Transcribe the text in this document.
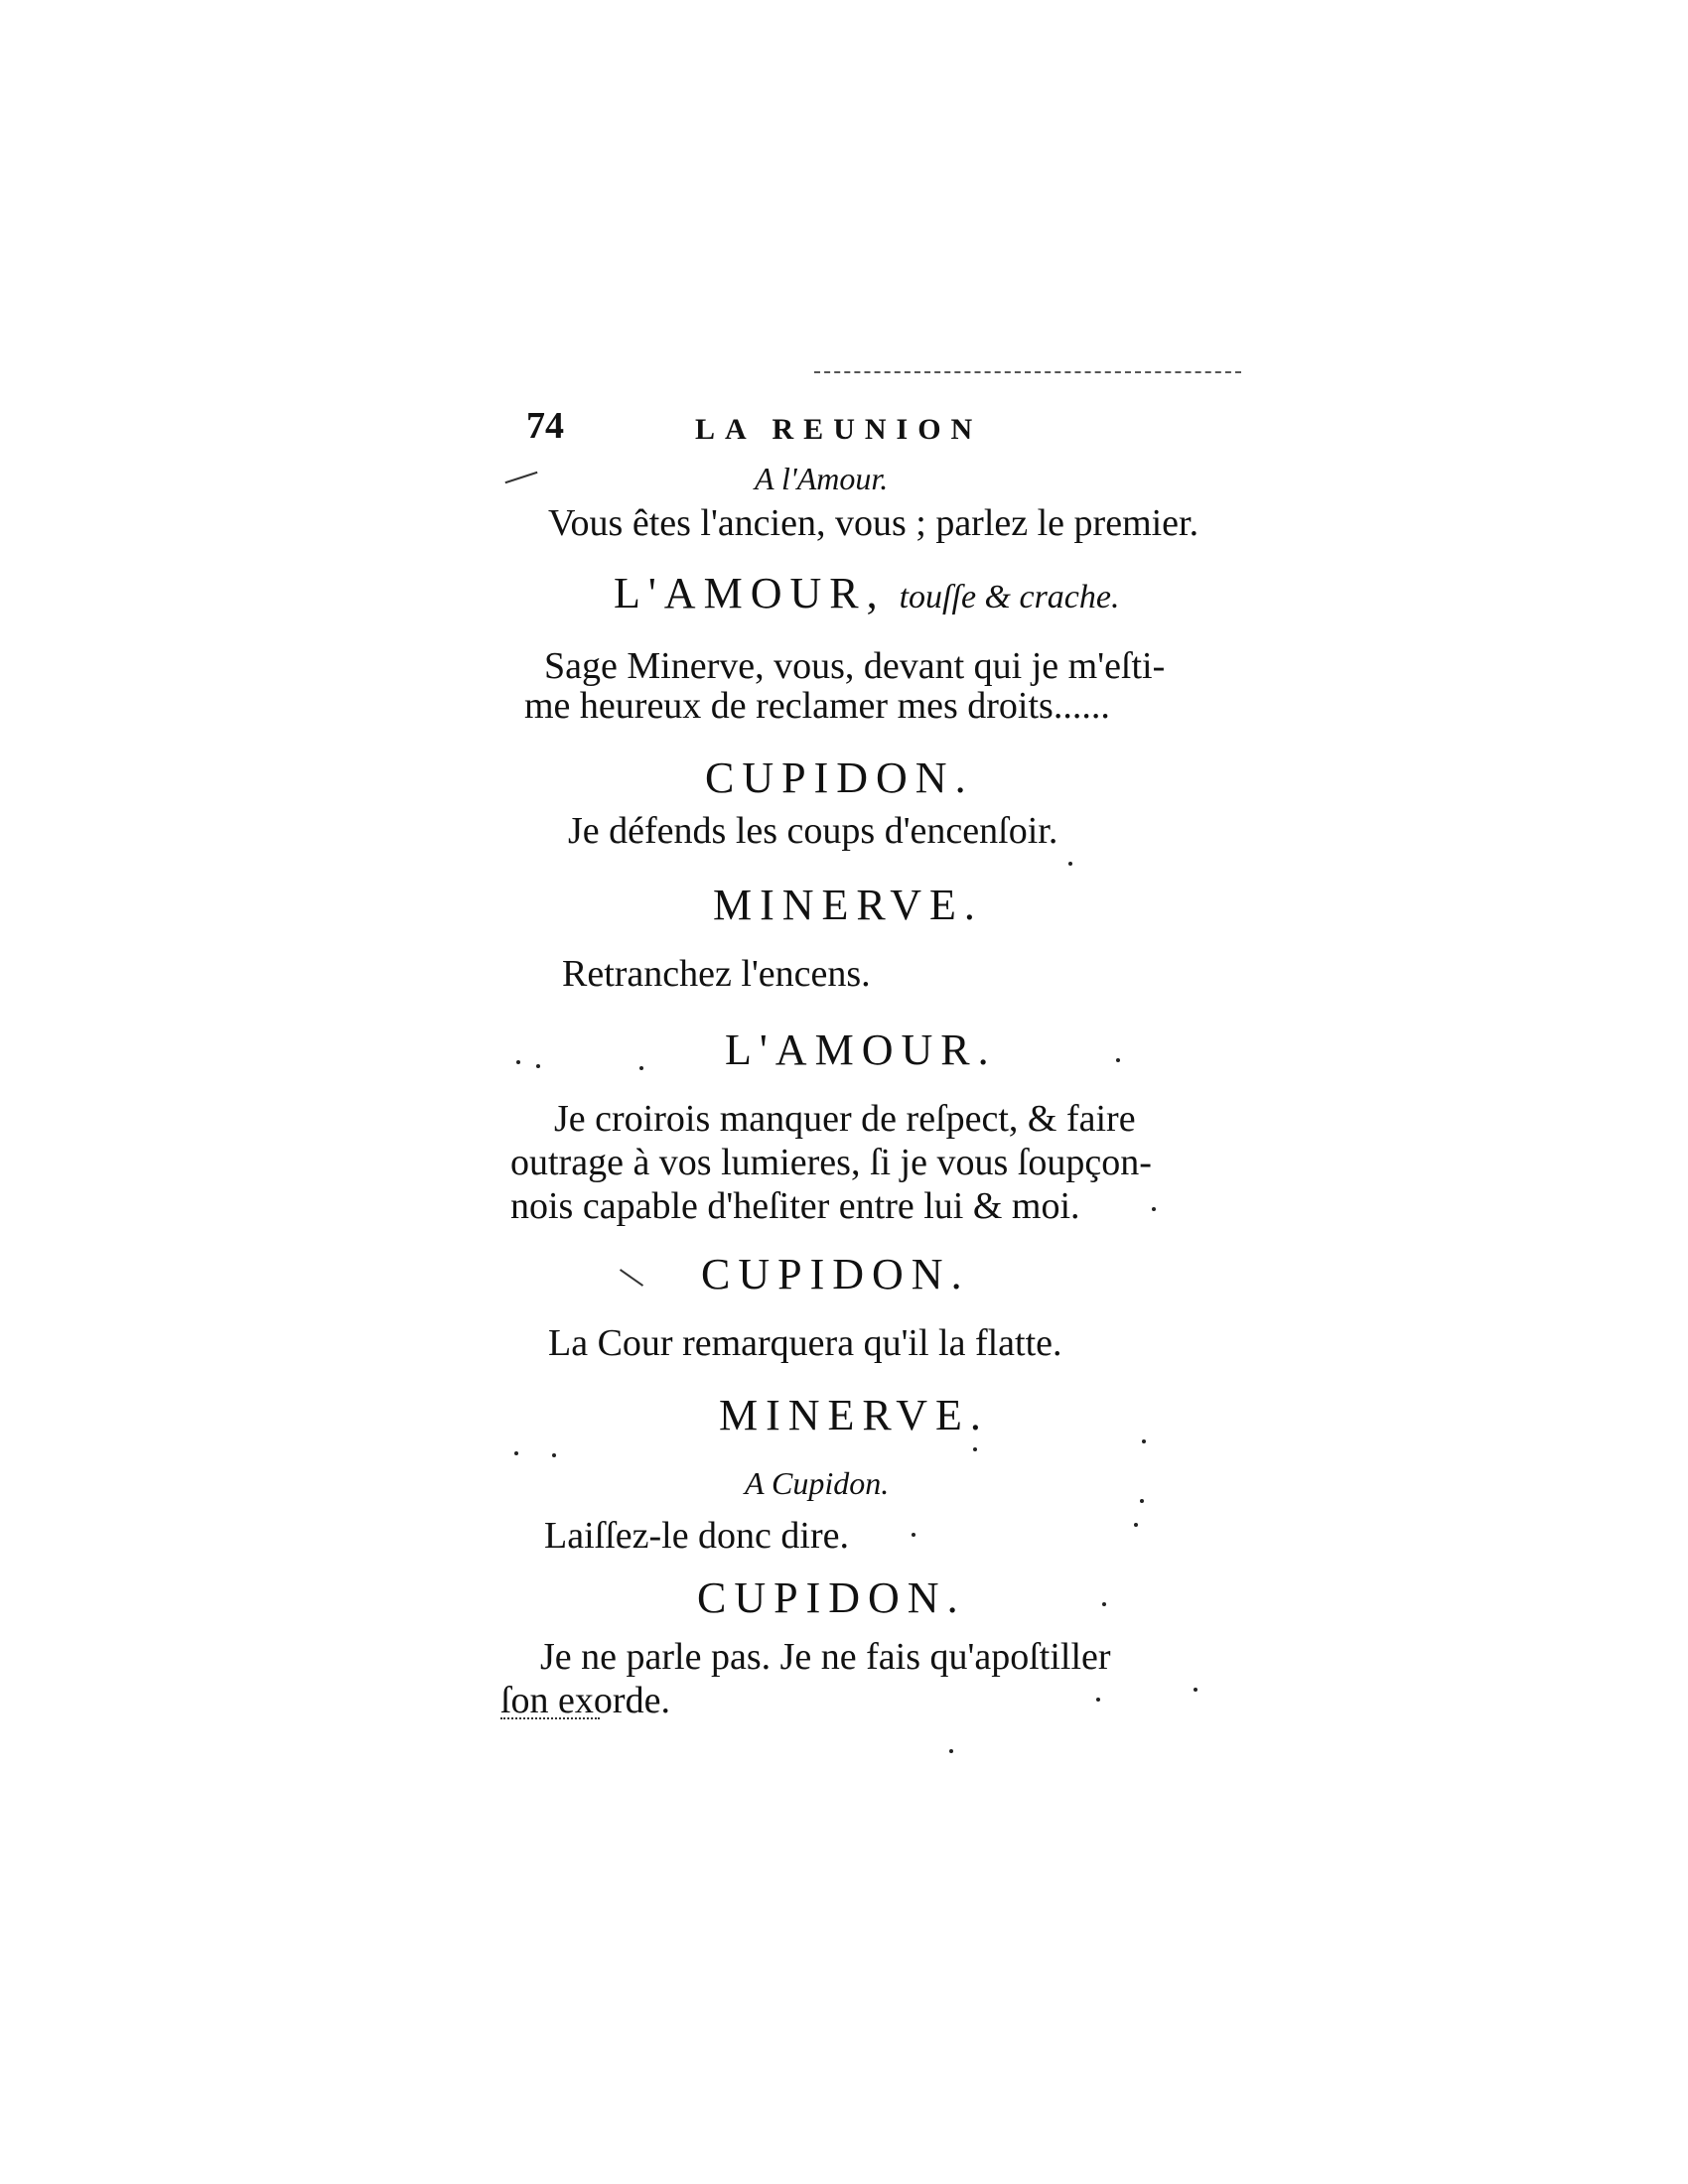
74	LA REUNION
A l'Amour.
Vous êtes l'ancien, vous ; parlez le premier.
L'AMOUR, touſſe & crache.
Sage Minerve, vous, devant qui je m'eſti-
me heureux de reclamer mes droits......
CUPIDON.
Je défends les coups d'encenſoir.
MINERVE.
Retranchez l'encens.
L'AMOUR.
Je croirois manquer de reſpect, & faire
outrage à vos lumieres, ſi je vous ſoupçon-
nois capable d'heſiter entre lui & moi.
CUPIDON.
La Cour remarquera qu'il la flatte.
MINERVE.
A Cupidon.
Laiſſez-le donc dire.
CUPIDON.
Je ne parle pas. Je ne fais qu'apoſtiller
ſon exorde.
